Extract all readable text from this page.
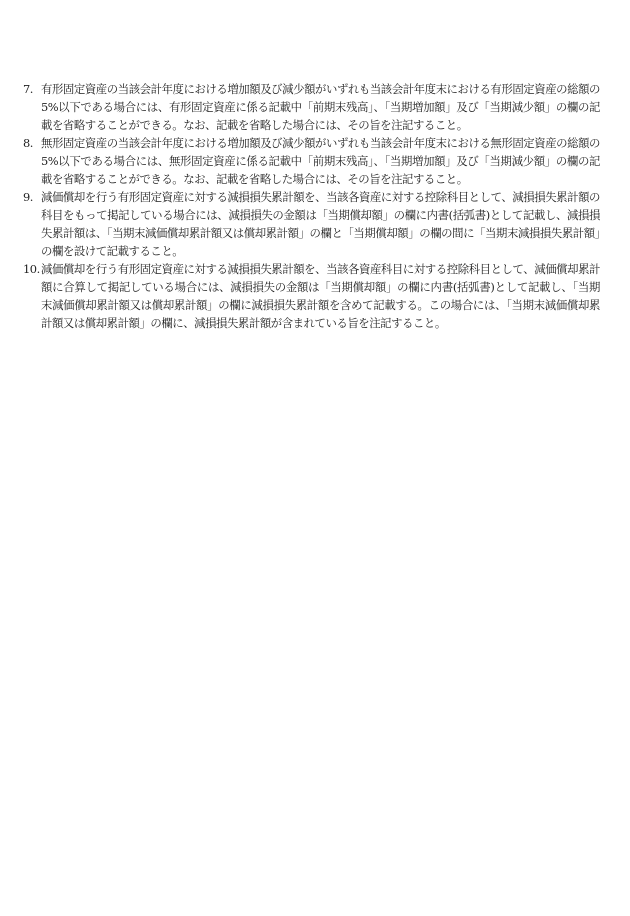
7. 有形固定資産の当該会計年度における増加額及び減少額がいずれも当該会計年度末における有形固定資産の総額の5%以下である場合には、有形固定資産に係る記載中「前期末残高」、「当期増加額」及び「当期減少額」の欄の記載を省略することができる。なお、記載を省略した場合には、その旨を注記すること。
8. 無形固定資産の当該会計年度における増加額及び減少額がいずれも当該会計年度末における無形固定資産の総額の5%以下である場合には、無形固定資産に係る記載中「前期末残高」、「当期増加額」及び「当期減少額」の欄の記載を省略することができる。なお、記載を省略した場合には、その旨を注記すること。
9. 減価償却を行う有形固定資産に対する減損損失累計額を、当該各資産に対する控除科目として、減損損失累計額の科目をもって掲記している場合には、減損損失の金額は「当期償却額」の欄に内書(括弧書)として記載し、減損損失累計額は、「当期末減価償却累計額又は償却累計額」の欄と「当期償却額」の欄の間に「当期末減損損失累計額」の欄を設けて記載すること。
10. 減価償却を行う有形固定資産に対する減損損失累計額を、当該各資産科目に対する控除科目として、減価償却累計額に合算して掲記している場合には、減損損失の金額は「当期償却額」の欄に内書(括弧書)として記載し、「当期末減価償却累計額又は償却累計額」の欄に減損損失累計額を含めて記載する。この場合には、「当期末減価償却累計額又は償却累計額」の欄に、減損損失累計額が含まれている旨を注記すること。
